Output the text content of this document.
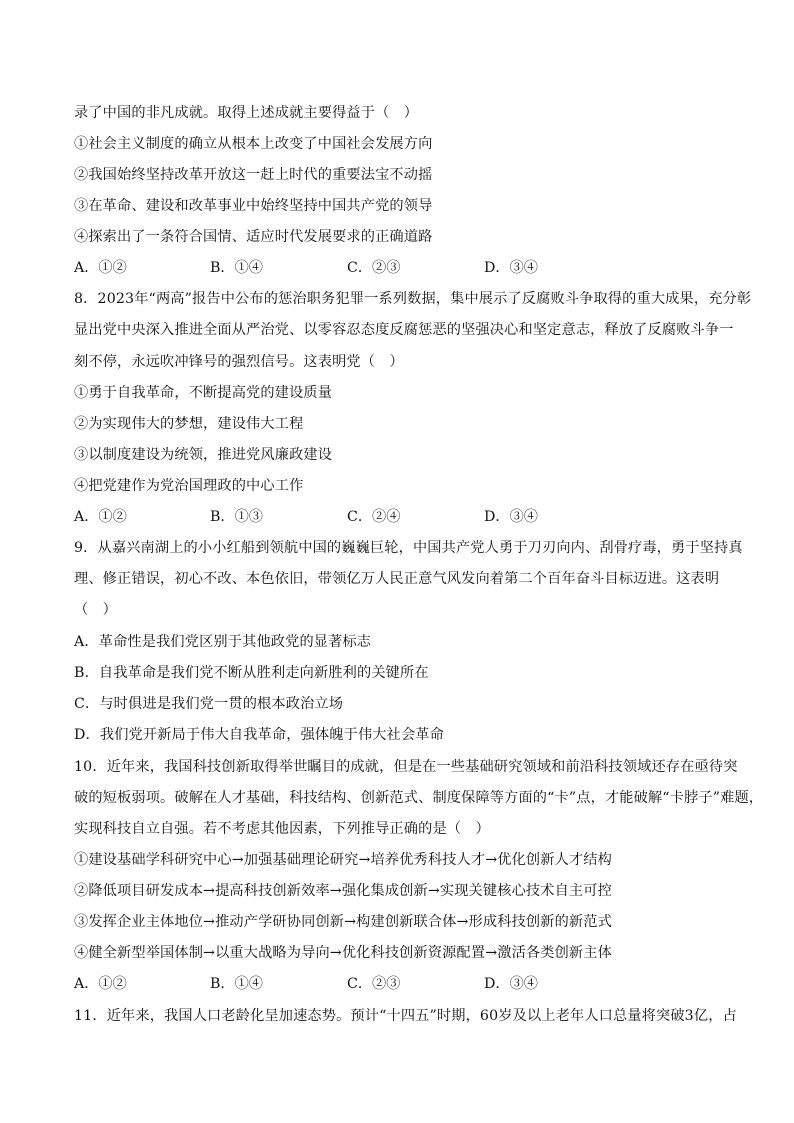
录了中国的非凡成就。取得上述成就主要得益于（　）
①社会主义制度的确立从根本上改变了中国社会发展方向
②我国始终坚持改革开放这一赶上时代的重要法宝不动摇
③在革命、建设和改革事业中始终坚持中国共产党的领导
④探索出了一条符合国情、适应时代发展要求的正确道路
A．①②	B．①④	C．②③	D．③④
8．2023年“两高”报告中公布的惩治职务犯罪一系列数据，集中展示了反腐败斗争取得的重大成果，充分彰
显出党中央深入推进全面从严治党、以零容忍态度反腐惩恶的坚强决心和坚定意志，释放了反腐败斗争一
刻不停，永远吹冲锋号的强烈信号。这表明党（　）
①勇于自我革命，不断提高党的建设质量
②为实现伟大的梦想，建设伟大工程
③以制度建设为统领，推进党风廉政建设
④把党建作为党治国理政的中心工作
A．①②	B．①③	C．②④	D．③④
9．从嘉兴南湖上的小小红船到领航中国的巍巍巨轮，中国共产党人勇于刀刃向内、刮骨疗毒，勇于坚持真
理、修正错误，初心不改、本色依旧，带领亿万人民正意气风发向着第二个百年奋斗目标迈进。这表明
（　）
A．革命性是我们党区别于其他政党的显著标志
B．自我革命是我们党不断从胜利走向新胜利的关键所在
C．与时俱进是我们党一贯的根本政治立场
D．我们党开新局于伟大自我革命，强体魄于伟大社会革命
10．近年来，我国科技创新取得举世瞩目的成就，但是在一些基础研究领域和前沿科技领域还存在亟待突
破的短板弱项。破解在人才基础，科技结构、创新范式、制度保障等方面的“卡”点，才能破解“卡脖子”难题，
实现科技自立自强。若不考虑其他因素，下列推导正确的是（　）
①建设基础学科研究中心→加强基础理论研究→培养优秀科技人才→优化创新人才结构
②降低项目研发成本→提高科技创新效率→强化集成创新→实现关键核心技术自主可控
③发挥企业主体地位→推动产学研协同创新→构建创新联合体→形成科技创新的新范式
④健全新型举国体制→以重大战略为导向→优化科技创新资源配置→激活各类创新主体
A．①②	B．①④	C．②③	D．③④
11．近年来，我国人口老龄化呈加速态势。预计“十四五”时期，60岁及以上老年人口总量将突破3亿，占
